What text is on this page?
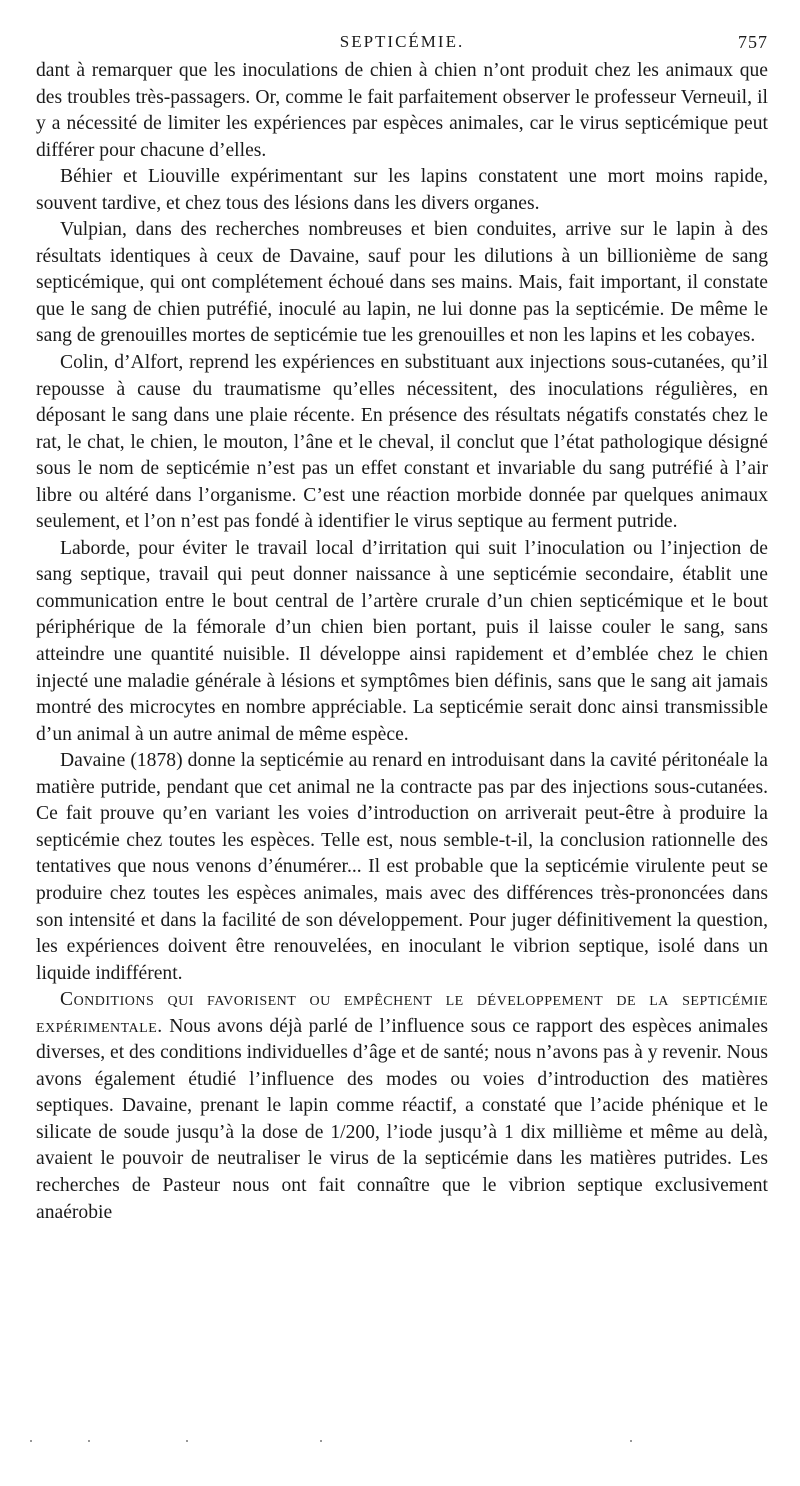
SEPTICÉMIE.	757

dant à remarquer que les inoculations de chien à chien n’ont produit chez les animaux que des troubles très-passagers. Or, comme le fait parfaitement observer le professeur Verneuil, il y a nécessité de limiter les expériences par espèces animales, car le virus septicémique peut différer pour chacune d’elles.

Béhier et Liouville expérimentant sur les lapins constatent une mort moins rapide, souvent tardive, et chez tous des lésions dans les divers organes.

Vulpian, dans des recherches nombreuses et bien conduites, arrive sur le lapin à des résultats identiques à ceux de Davaine, sauf pour les dilutions à un billionième de sang septicémique, qui ont complétement échoué dans ses mains. Mais, fait important, il constate que le sang de chien putréfié, inoculé au lapin, ne lui donne pas la septicémie. De même le sang de grenouilles mortes de septicémie tue les grenouilles et non les lapins et les cobayes.

Colin, d’Alfort, reprend les expériences en substituant aux injections sous-cutanées, qu’il repousse à cause du traumatisme qu’elles nécessitent, des inoculations régulières, en déposant le sang dans une plaie récente. En présence des résultats négatifs constatés chez le rat, le chat, le chien, le mouton, l’âne et le cheval, il conclut que l’état pathologique désigné sous le nom de septicémie n’est pas un effet constant et invariable du sang putréfié à l’air libre ou altéré dans l’organisme. C’est une réaction morbide donnée par quelques animaux seulement, et l’on n’est pas fondé à identifier le virus septique au ferment putride.

Laborde, pour éviter le travail local d’irritation qui suit l’inoculation ou l’injection de sang septique, travail qui peut donner naissance à une septicémie secondaire, établit une communication entre le bout central de l’artère crurale d’un chien septicémique et le bout périphérique de la fémorale d’un chien bien portant, puis il laisse couler le sang, sans atteindre une quantité nuisible. Il développe ainsi rapidement et d’emblée chez le chien injecté une maladie générale à lésions et symptômes bien définis, sans que le sang ait jamais montré des microcytes en nombre appréciable. La septicémie serait donc ainsi transmissible d’un animal à un autre animal de même espèce.

Davaine (1878) donne la septicémie au renard en introduisant dans la cavité péritonéale la matière putride, pendant que cet animal ne la contracte pas par des injections sous-cutanées. Ce fait prouve qu’en variant les voies d’introduction on arriverait peut-être à produire la septicémie chez toutes les espèces. Telle est, nous semble-t-il, la conclusion rationnelle des tentatives que nous venons d’énumérer... Il est probable que la septicémie virulente peut se produire chez toutes les espèces animales, mais avec des différences très-prononcées dans son intensité et dans la facilité de son développement. Pour juger définitivement la question, les expériences doivent être renouvelées, en inoculant le vibrion septique, isolé dans un liquide indifférent.

Conditions qui favorisent ou empêchent le développement de la septicémie expérimentale. Nous avons déjà parlé de l’influence sous ce rapport des espèces animales diverses, et des conditions individuelles d’âge et de santé; nous n’avons pas à y revenir. Nous avons également étudié l’influence des modes ou voies d’introduction des matières septiques. Davaine, prenant le lapin comme réactif, a constaté que l’acide phénique et le silicate de soude jusqu’à la dose de 1/200, l’iode jusqu’à 1 dix millième et même au delà, avaient le pouvoir de neutraliser le virus de la septicémie dans les matières putrides. Les recherches de Pasteur nous ont fait connaître que le vibrion septique exclusivement anaérobie
